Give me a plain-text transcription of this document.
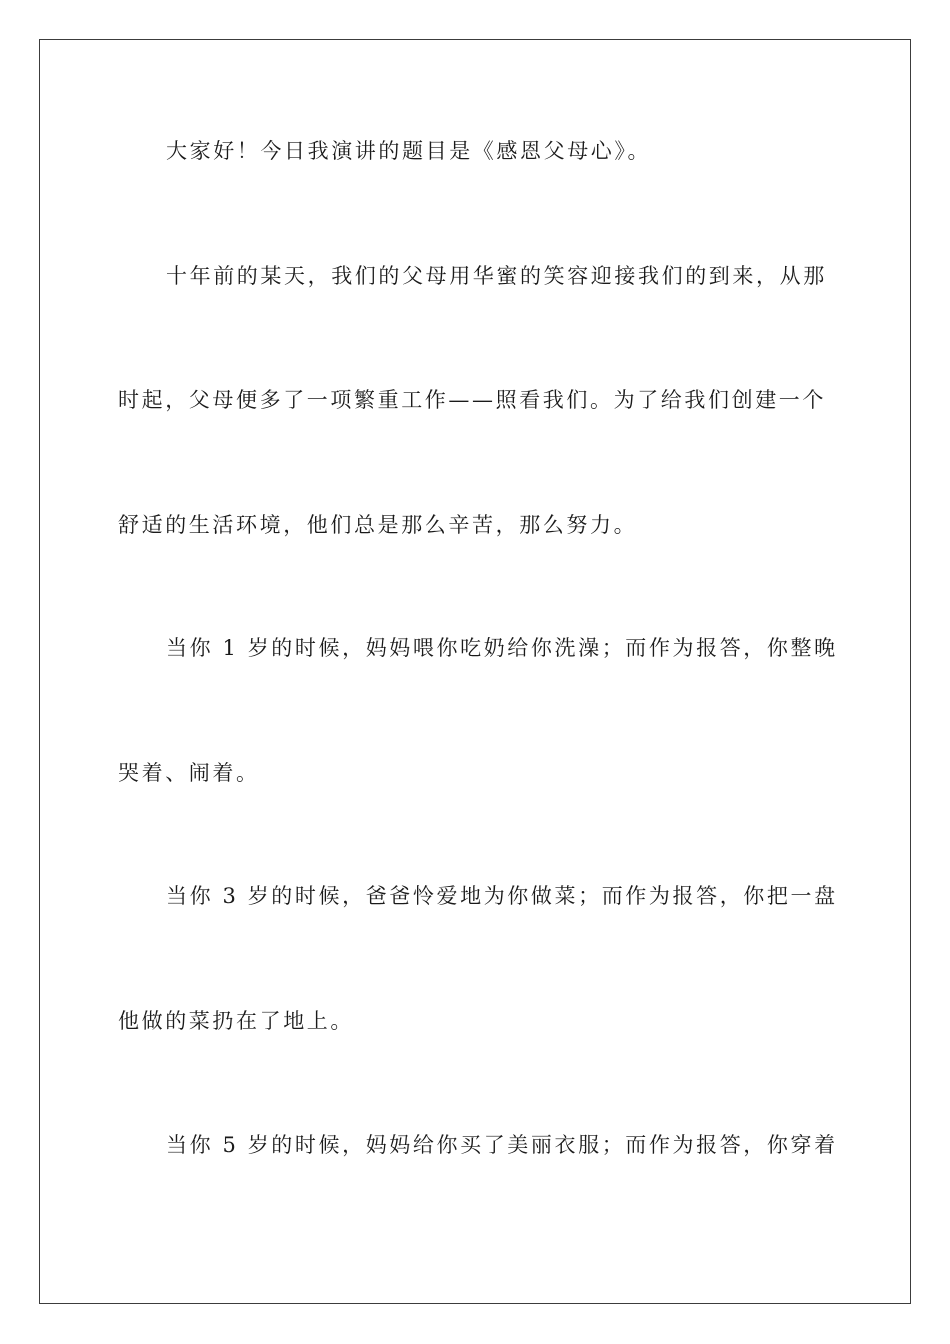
大家好！今日我演讲的题目是《感恩父母心》。
十年前的某天，我们的父母用华蜜的笑容迎接我们的到来，从那
时起，父母便多了一项繁重工作——照看我们。为了给我们创建一个
舒适的生活环境，他们总是那么辛苦，那么努力。
当你 1 岁的时候，妈妈喂你吃奶给你洗澡；而作为报答，你整晚
哭着、闹着。
当你 3 岁的时候，爸爸怜爱地为你做菜；而作为报答，你把一盘
他做的菜扔在了地上。
当你 5 岁的时候，妈妈给你买了美丽衣服；而作为报答，你穿着
